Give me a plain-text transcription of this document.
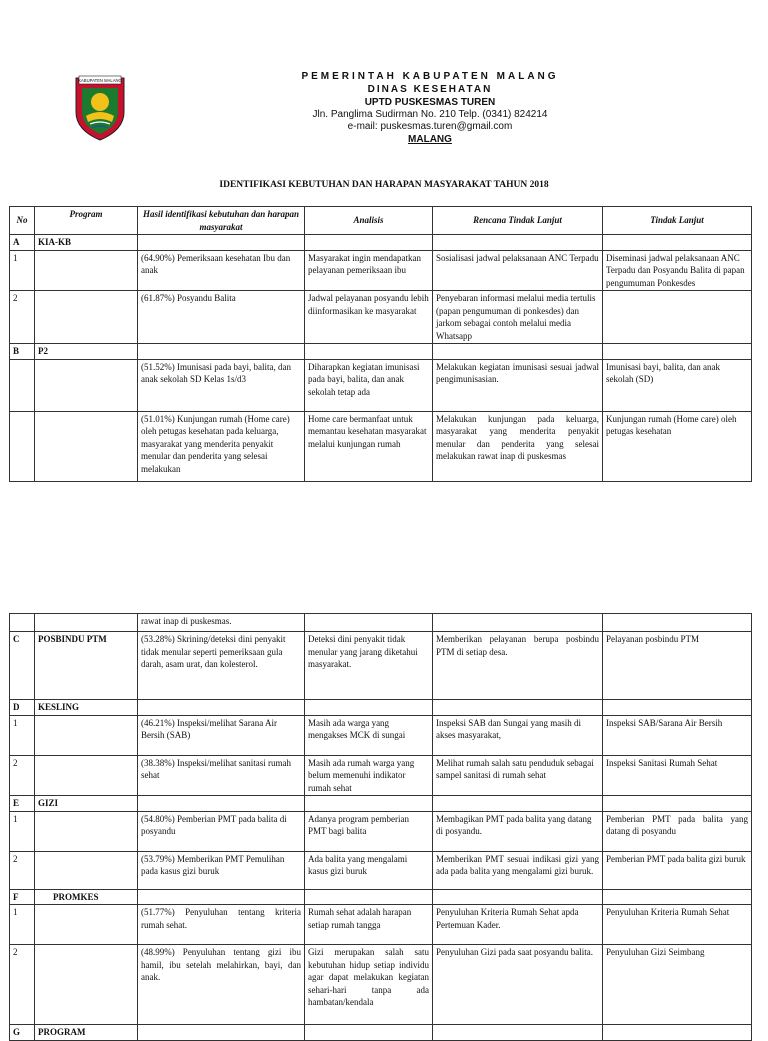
KABUPATEN MALANG	PEMERINTAH KABUPATEN MALANG
DINAS KESEHATAN
UPTD PUSKESMAS TUREN
Jln. Panglima Sudirman No. 210 Telp. (0341) 824214
e-mail: puskesmas.turen@gmail.com
MALANG
IDENTIFIKASI KEBUTUHAN DAN HARAPAN MASYARAKAT TAHUN 2018
No	Program	Hasil identifikasi kebutuhan dan harapan masyarakat	Analisis	Rencana Tindak Lanjut	Tindak Lanjut
A	KIA-KB				
1		(64.90%) Pemeriksaan kesehatan Ibu dan anak	Masyarakat ingin mendapatkan pelayanan pemeriksaan ibu	Sosialisasi jadwal pelaksanaan ANC Terpadu	Diseminasi jadwal pelaksanaan ANC Terpadu dan Posyandu Balita di papan pengumuman Ponkesdes
2		(61.87%) Posyandu Balita	Jadwal pelayanan posyandu lebih diinformasikan ke masyarakat	Penyebaran informasi melalui media tertulis (papan pengumuman di ponkesdes) dan jarkom sebagai contoh melalui media Whatsapp	
B	P2				
		(51.52%) Imunisasi pada bayi, balita, dan anak sekolah SD Kelas 1s/d3	Diharapkan kegiatan imunisasi pada bayi, balita, dan anak sekolah tetap ada	Melakukan kegiatan imunisasi sesuai jadwal pengimunisasian.	Imunisasi bayi, balita, dan anak sekolah (SD)
		(51.01%) Kunjungan rumah (Home care) oleh petugas kesehatan pada keluarga, masyarakat yang menderita penyakit menular dan penderita yang selesai melakukan	Home care bermanfaat untuk memantau kesehatan masyarakat melalui kunjungan rumah	Melakukan kunjungan pada keluarga, masyarakat yang menderita penyakit menular dan penderita yang selesai melakukan rawat inap di puskesmas	Kunjungan rumah (Home care) oleh petugas kesehatan
		rawat inap di puskesmas.			
C	POSBINDU PTM	(53.28%) Skrining/deteksi dini penyakit tidak menular seperti pemeriksaan gula darah, asam urat, dan kolesterol.	Deteksi dini penyakit tidak menular yang jarang diketahui masyarakat.	Memberikan pelayanan berupa posbindu PTM di setiap desa.	Pelayanan posbindu PTM
D	KESLING				
1		(46.21%) Inspeksi/melihat Sarana Air Bersih (SAB)	Masih ada warga yang mengakses MCK di sungai	Inspeksi SAB dan Sungai yang masih di akses masyarakat,	Inspeksi SAB/Sarana Air Bersih
2		(38.38%) Inspeksi/melihat sanitasi rumah sehat	Masih ada rumah warga yang belum memenuhi indikator rumah sehat	Melihat rumah salah satu penduduk sebagai sampel sanitasi di rumah sehat	Inspeksi Sanitasi Rumah Sehat
E	GIZI				
1		(54.80%) Pemberian PMT pada balita di posyandu	Adanya program pemberian PMT bagi balita	Membagikan PMT pada balita yang datang di posyandu.	Pemberian PMT pada balita yang datang di posyandu
2		(53.79%) Memberikan PMT Pemulihan pada kasus gizi buruk	Ada balita yang mengalami kasus gizi buruk	Memberikan PMT sesuai indikasi gizi yang ada pada balita yang mengalami gizi buruk.	Pemberian PMT pada balita gizi buruk
F	PROMKES				
1		(51.77%) Penyuluhan tentang kriteria rumah sehat.	Rumah sehat adalah harapan setiap rumah tangga	Penyuluhan Kriteria Rumah Sehat apda Pertemuan Kader.	Penyuluhan Kriteria Rumah Sehat
2		(48.99%) Penyuluhan tentang gizi ibu hamil, ibu setelah melahirkan, bayi, dan anak.	Gizi merupakan salah satu kebutuhan hidup setiap individu agar dapat melakukan kegiatan sehari-hari tanpa ada hambatan/kendala	Penyuluhan Gizi pada saat posyandu balita.	Penyuluhan Gizi Seimbang
G	PROGRAM				
